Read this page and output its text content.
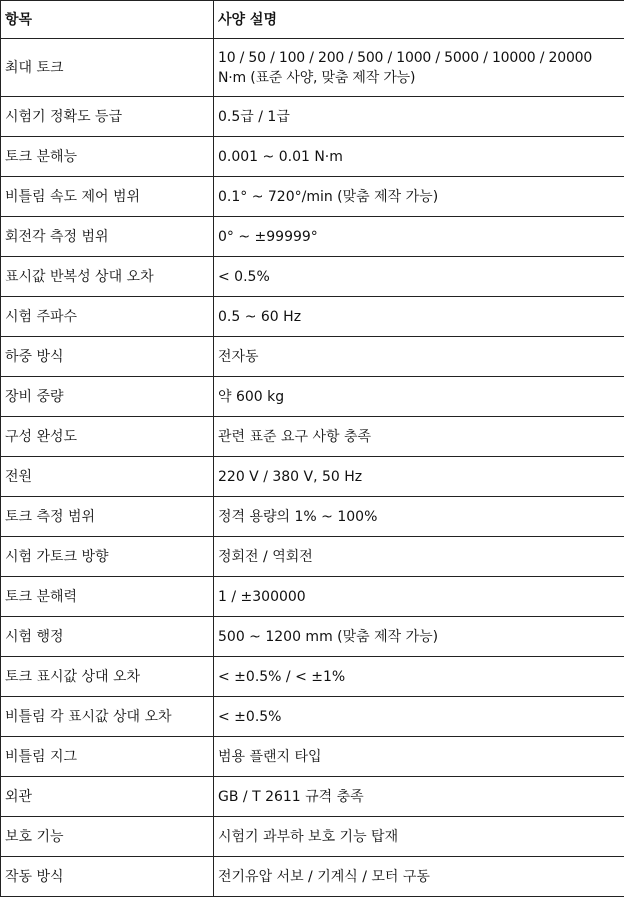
항목	사양 설명
최대 토크	10 / 50 / 100 / 200 / 500 / 1000 / 5000 / 10000 / 20000 N·m (표준 사양, 맞춤 제작 가능)
시험기 정확도 등급	0.5급 / 1급
토크 분해능	0.001 ~ 0.01 N·m
비틀림 속도 제어 범위	0.1° ~ 720°/min (맞춤 제작 가능)
회전각 측정 범위	0° ~ ±99999°
표시값 반복성 상대 오차	< 0.5%
시험 주파수	0.5 ~ 60 Hz
하중 방식	전자동
장비 중량	약 600 kg
구성 완성도	관련 표준 요구 사항 충족
전원	220 V / 380 V, 50 Hz
토크 측정 범위	정격 용량의 1% ~ 100%
시험 가토크 방향	정회전 / 역회전
토크 분해력	1 / ±300000
시험 행정	500 ~ 1200 mm (맞춤 제작 가능)
토크 표시값 상대 오차	< ±0.5% / < ±1%
비틀림 각 표시값 상대 오차	< ±0.5%
비틀림 지그	범용 플랜지 타입
외관	GB / T 2611 규격 충족
보호 기능	시험기 과부하 보호 기능 탑재
작동 방식	전기유압 서보 / 기계식 / 모터 구동
